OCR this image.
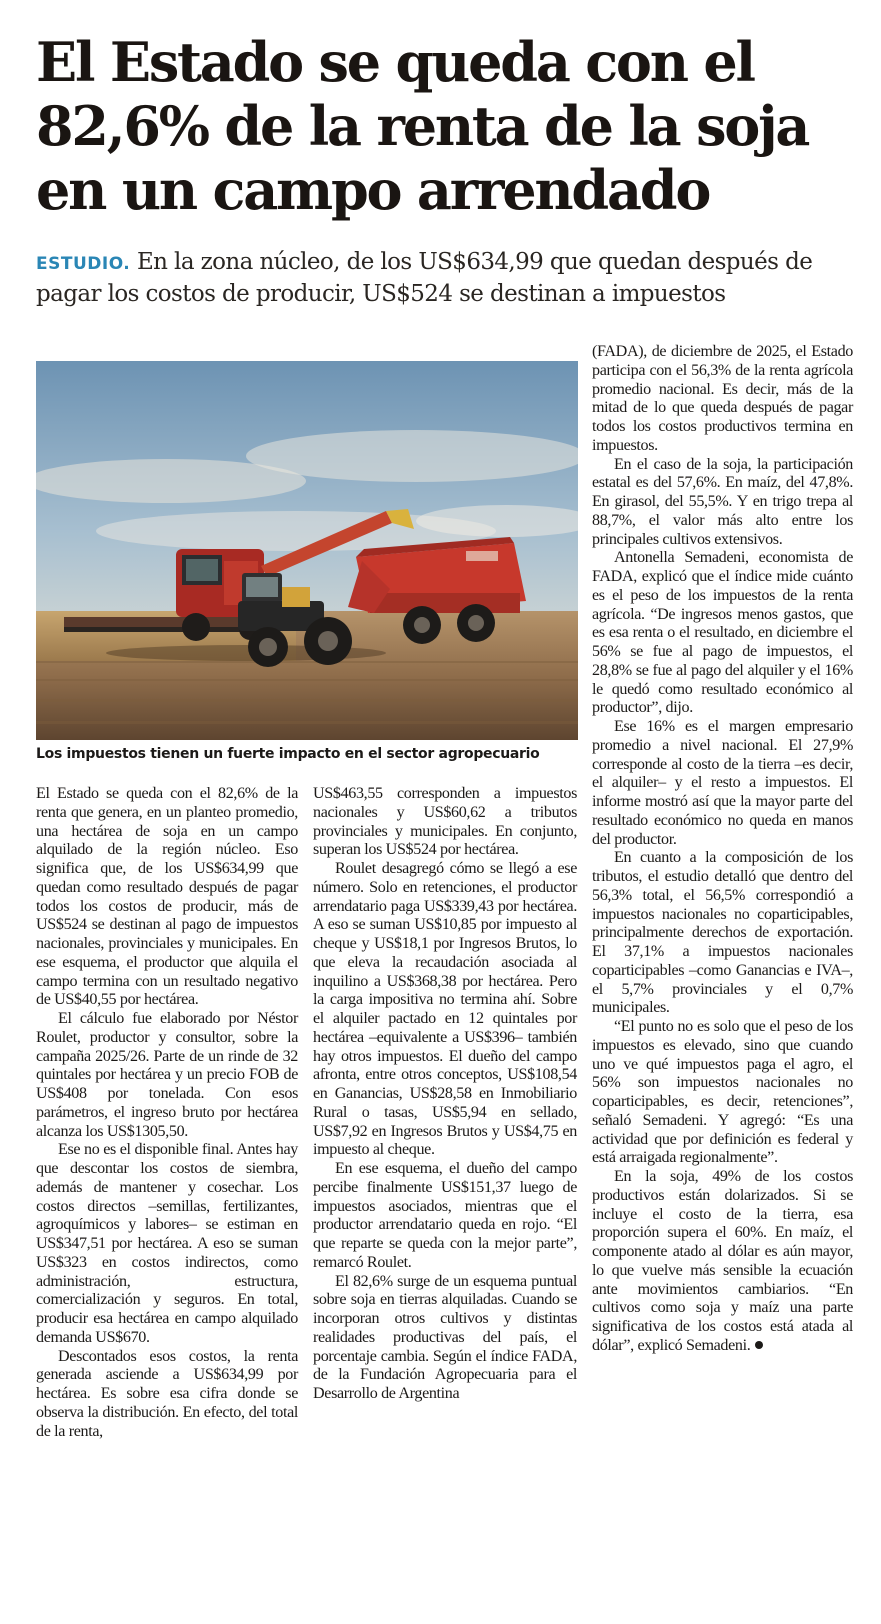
El Estado se queda con el 82,6% de la renta de la soja en un campo arrendado

ESTUDIO. En la zona núcleo, de los US$634,99 que quedan después de pagar los costos de producir, US$524 se destinan a impuestos

Los impuestos tienen un fuerte impacto en el sector agropecuario

El Estado se queda con el 82,6% de la renta que genera, en un planteo promedio, una hectárea de soja en un campo alquilado de la región núcleo. Eso significa que, de los US$634,99 que quedan como resultado después de pagar todos los costos de producir, más de US$524 se destinan al pago de impuestos nacionales, provinciales y municipales. En ese esquema, el productor que alquila el campo termina con un resultado negativo de US$40,55 por hectárea.

El cálculo fue elaborado por Néstor Roulet, productor y consultor, sobre la campaña 2025/26. Parte de un rinde de 32 quintales por hectárea y un precio FOB de US$408 por tonelada. Con esos parámetros, el ingreso bruto por hectárea alcanza los US$1305,50.

Ese no es el disponible final. Antes hay que descontar los costos de siembra, además de mantener y cosechar. Los costos directos –semillas, fertilizantes, agroquímicos y labores– se estiman en US$347,51 por hectárea. A eso se suman US$323 en costos indirectos, como administración, estructura, comercialización y seguros. En total, producir esa hectárea en campo alquilado demanda US$670.

Descontados esos costos, la renta generada asciende a US$634,99 por hectárea. Es sobre esa cifra donde se observa la distribución. En efecto, del total de la renta,

US$463,55 corresponden a impuestos nacionales y US$60,62 a tributos provinciales y municipales. En conjunto, superan los US$524 por hectárea.

Roulet desagregó cómo se llegó a ese número. Solo en retenciones, el productor arrendatario paga US$339,43 por hectárea. A eso se suman US$10,85 por impuesto al cheque y US$18,1 por Ingresos Brutos, lo que eleva la recaudación asociada al inquilino a US$368,38 por hectárea. Pero la carga impositiva no termina ahí. Sobre el alquiler pactado en 12 quintales por hectárea –equivalente a US$396– también hay otros impuestos. El dueño del campo afronta, entre otros conceptos, US$108,54 en Ganancias, US$28,58 en Inmobiliario Rural o tasas, US$5,94 en sellado, US$7,92 en Ingresos Brutos y US$4,75 en impuesto al cheque.

En ese esquema, el dueño del campo percibe finalmente US$151,37 luego de impuestos asociados, mientras que el productor arrendatario queda en rojo. “El que reparte se queda con la mejor parte”, remarcó Roulet.

El 82,6% surge de un esquema puntual sobre soja en tierras alquiladas. Cuando se incorporan otros cultivos y distintas realidades productivas del país, el porcentaje cambia. Según el índice FADA, de la Fundación Agropecuaria para el Desarrollo de Argentina

(FADA), de diciembre de 2025, el Estado participa con el 56,3% de la renta agrícola promedio nacional. Es decir, más de la mitad de lo que queda después de pagar todos los costos productivos termina en impuestos.

En el caso de la soja, la participación estatal es del 57,6%. En maíz, del 47,8%. En girasol, del 55,5%. Y en trigo trepa al 88,7%, el valor más alto entre los principales cultivos extensivos.

Antonella Semadeni, economista de FADA, explicó que el índice mide cuánto es el peso de los impuestos de la renta agrícola. “De ingresos menos gastos, que es esa renta o el resultado, en diciembre el 56% se fue al pago de impuestos, el 28,8% se fue al pago del alquiler y el 16% le quedó como resultado económico al productor”, dijo.

Ese 16% es el margen empresario promedio a nivel nacional. El 27,9% corresponde al costo de la tierra –es decir, el alquiler– y el resto a impuestos. El informe mostró así que la mayor parte del resultado económico no queda en manos del productor.

En cuanto a la composición de los tributos, el estudio detalló que dentro del 56,3% total, el 56,5% correspondió a impuestos nacionales no coparticipables, principalmente derechos de exportación. El 37,1% a impuestos nacionales coparticipables –como Ganancias e IVA–, el 5,7% provinciales y el 0,7% municipales.

“El punto no es solo que el peso de los impuestos es elevado, sino que cuando uno ve qué impuestos paga el agro, el 56% son impuestos nacionales no coparticipables, es decir, retenciones”, señaló Semadeni. Y agregó: “Es una actividad que por definición es federal y está arraigada regionalmente”.

En la soja, 49% de los costos productivos están dolarizados. Si se incluye el costo de la tierra, esa proporción supera el 60%. En maíz, el componente atado al dólar es aún mayor, lo que vuelve más sensible la ecuación ante movimientos cambiarios. “En cultivos como soja y maíz una parte significativa de los costos está atada al dólar”, explicó Semadeni.
